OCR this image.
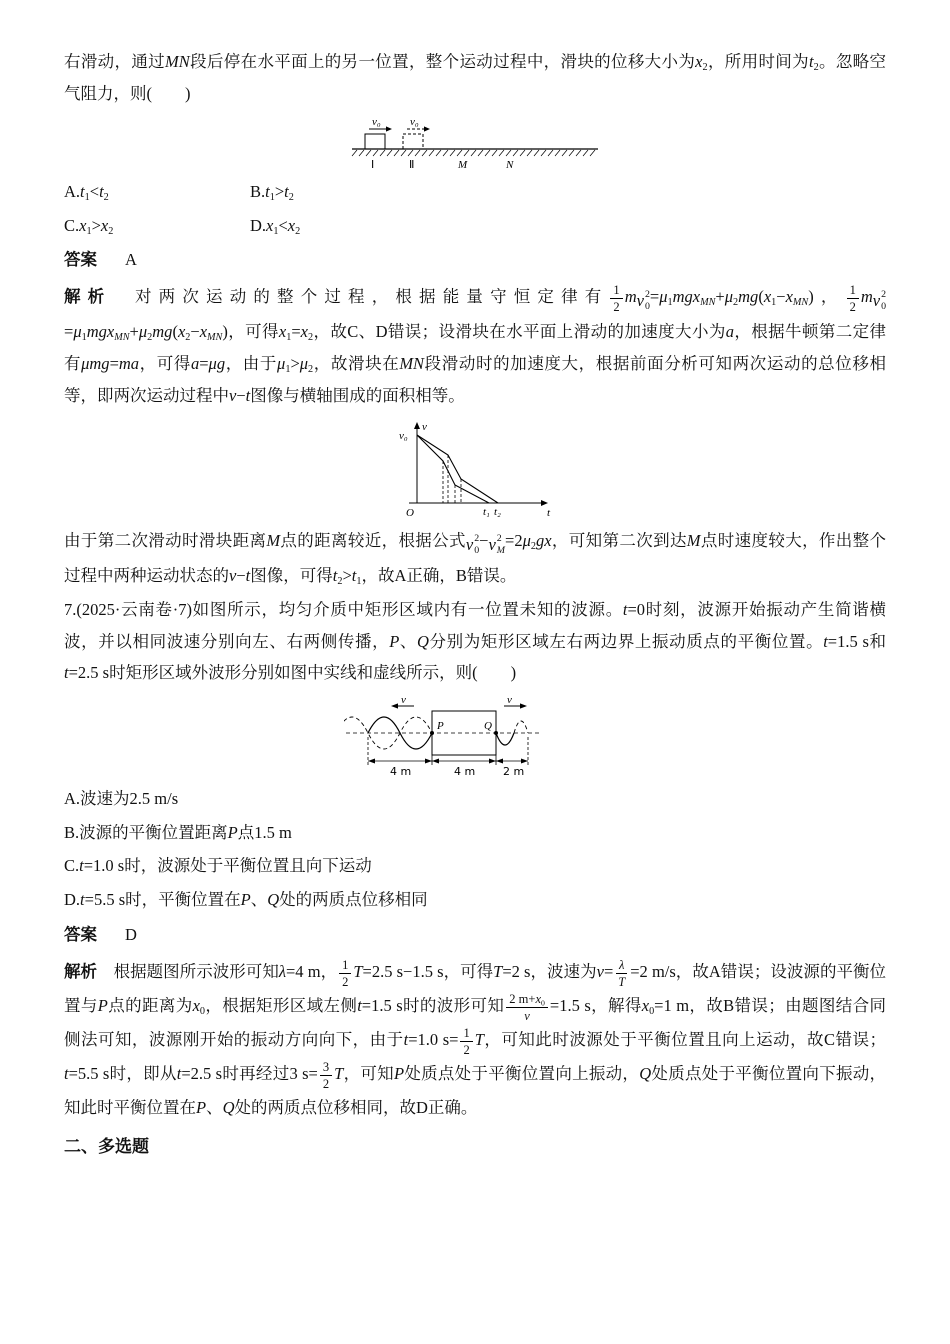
右滑动，通过MN段后停在水平面上的另一位置，整个运动过程中，滑块的位移大小为$x_2$，所用时间为$t_2$。忽略空气阻力，则(　　)

v₀	v₀
Ⅰ	Ⅱ	M	N
$A.t_1<t_2$	$B.t_1>t_2$
$C.x_1>x_2$	$D.x_1<x_2$

答案 A

解析　对两次运动的整个过程，根据能量守恒定律有 $\frac{1}{2}$ m v 2
$0 =\mu_1mgx_{MN}+\mu_2mg(x_1-x_{MN})$， $\frac{1}{2}$ m v 2
0
$=\mu_1mgx_{MN}+\mu_2mg(x_2-x_{MN})$，可得$x_1=x_2$，故C、D错误；设滑块在水平面上滑动的加速度大小为a，根据牛顿第二定律有μmg=ma，可得a=μg，由于$\mu_1>\mu_2$，故滑块在MN段滑动时的加速度大，根据前面分析可知两次运动的总位移相等，即两次运动过程中v−t图像与横轴围成的面积相等。

v
v₀
O	t
t₁ t₂

由于第二次滑动时滑块距离M点的距离较近，根据公式 v 2
0 − v 2
$M =2\mu_2gx$，可知第二次到达M点时速度较大，作出整个过程中两种运动状态的v−t图像，可得$t_2>t_1$，故A正确，B错误。

7.(2025·云南卷·7)如图所示，均匀介质中矩形区域内有一位置未知的波源。t=0时刻，波源开始振动产生简谐横波，并以相同波速分别向左、右两侧传播，P、Q分别为矩形区域左右两边界上振动质点的平衡位置。t=1.5 s和t=2.5 s时矩形区域外波形分别如图中实线和虚线所示，则(　　)

P	Q
v	v
4 m	4 m	2 m

A.波速为2.5 m/s

B.波源的平衡位置距离P点1.5 m

C.t=1.0 s时，波源处于平衡位置且向下运动

D.t=5.5 s时，平衡位置在P、Q处的两质点位移相同

答案 D

解析　根据题图所示波形可知λ=4 m， $\frac{1}{2} T=2.5$ s−1.5 s，可得T=2 s，波速为$v= \frac{\lambda}{T} =2$ m/s，故A错误；设波源的平衡位置与P点的距离为$x_0$，根据矩形区域左侧t=1.5 s时的波形可知 $\frac{2 m+x_0}{v} =1.5$ s，解得$x_0=1$ m，故B错误；由题图结合同侧法可知，波源刚开始的振动方向向下，由于t=1.0 $s= \frac{1}{2}$ T，可知此时波源处于平衡位置且向上运动，故C错误；t=5.5 s时，即从t=2.5 s时再经过3 $s= \frac{3}{2}$ T，可知P处质点处于平衡位置向上振动，Q处质点处于平衡位置向下振动，知此时平衡位置在P、Q处的两质点位移相同，故D正确。

二、多选题
